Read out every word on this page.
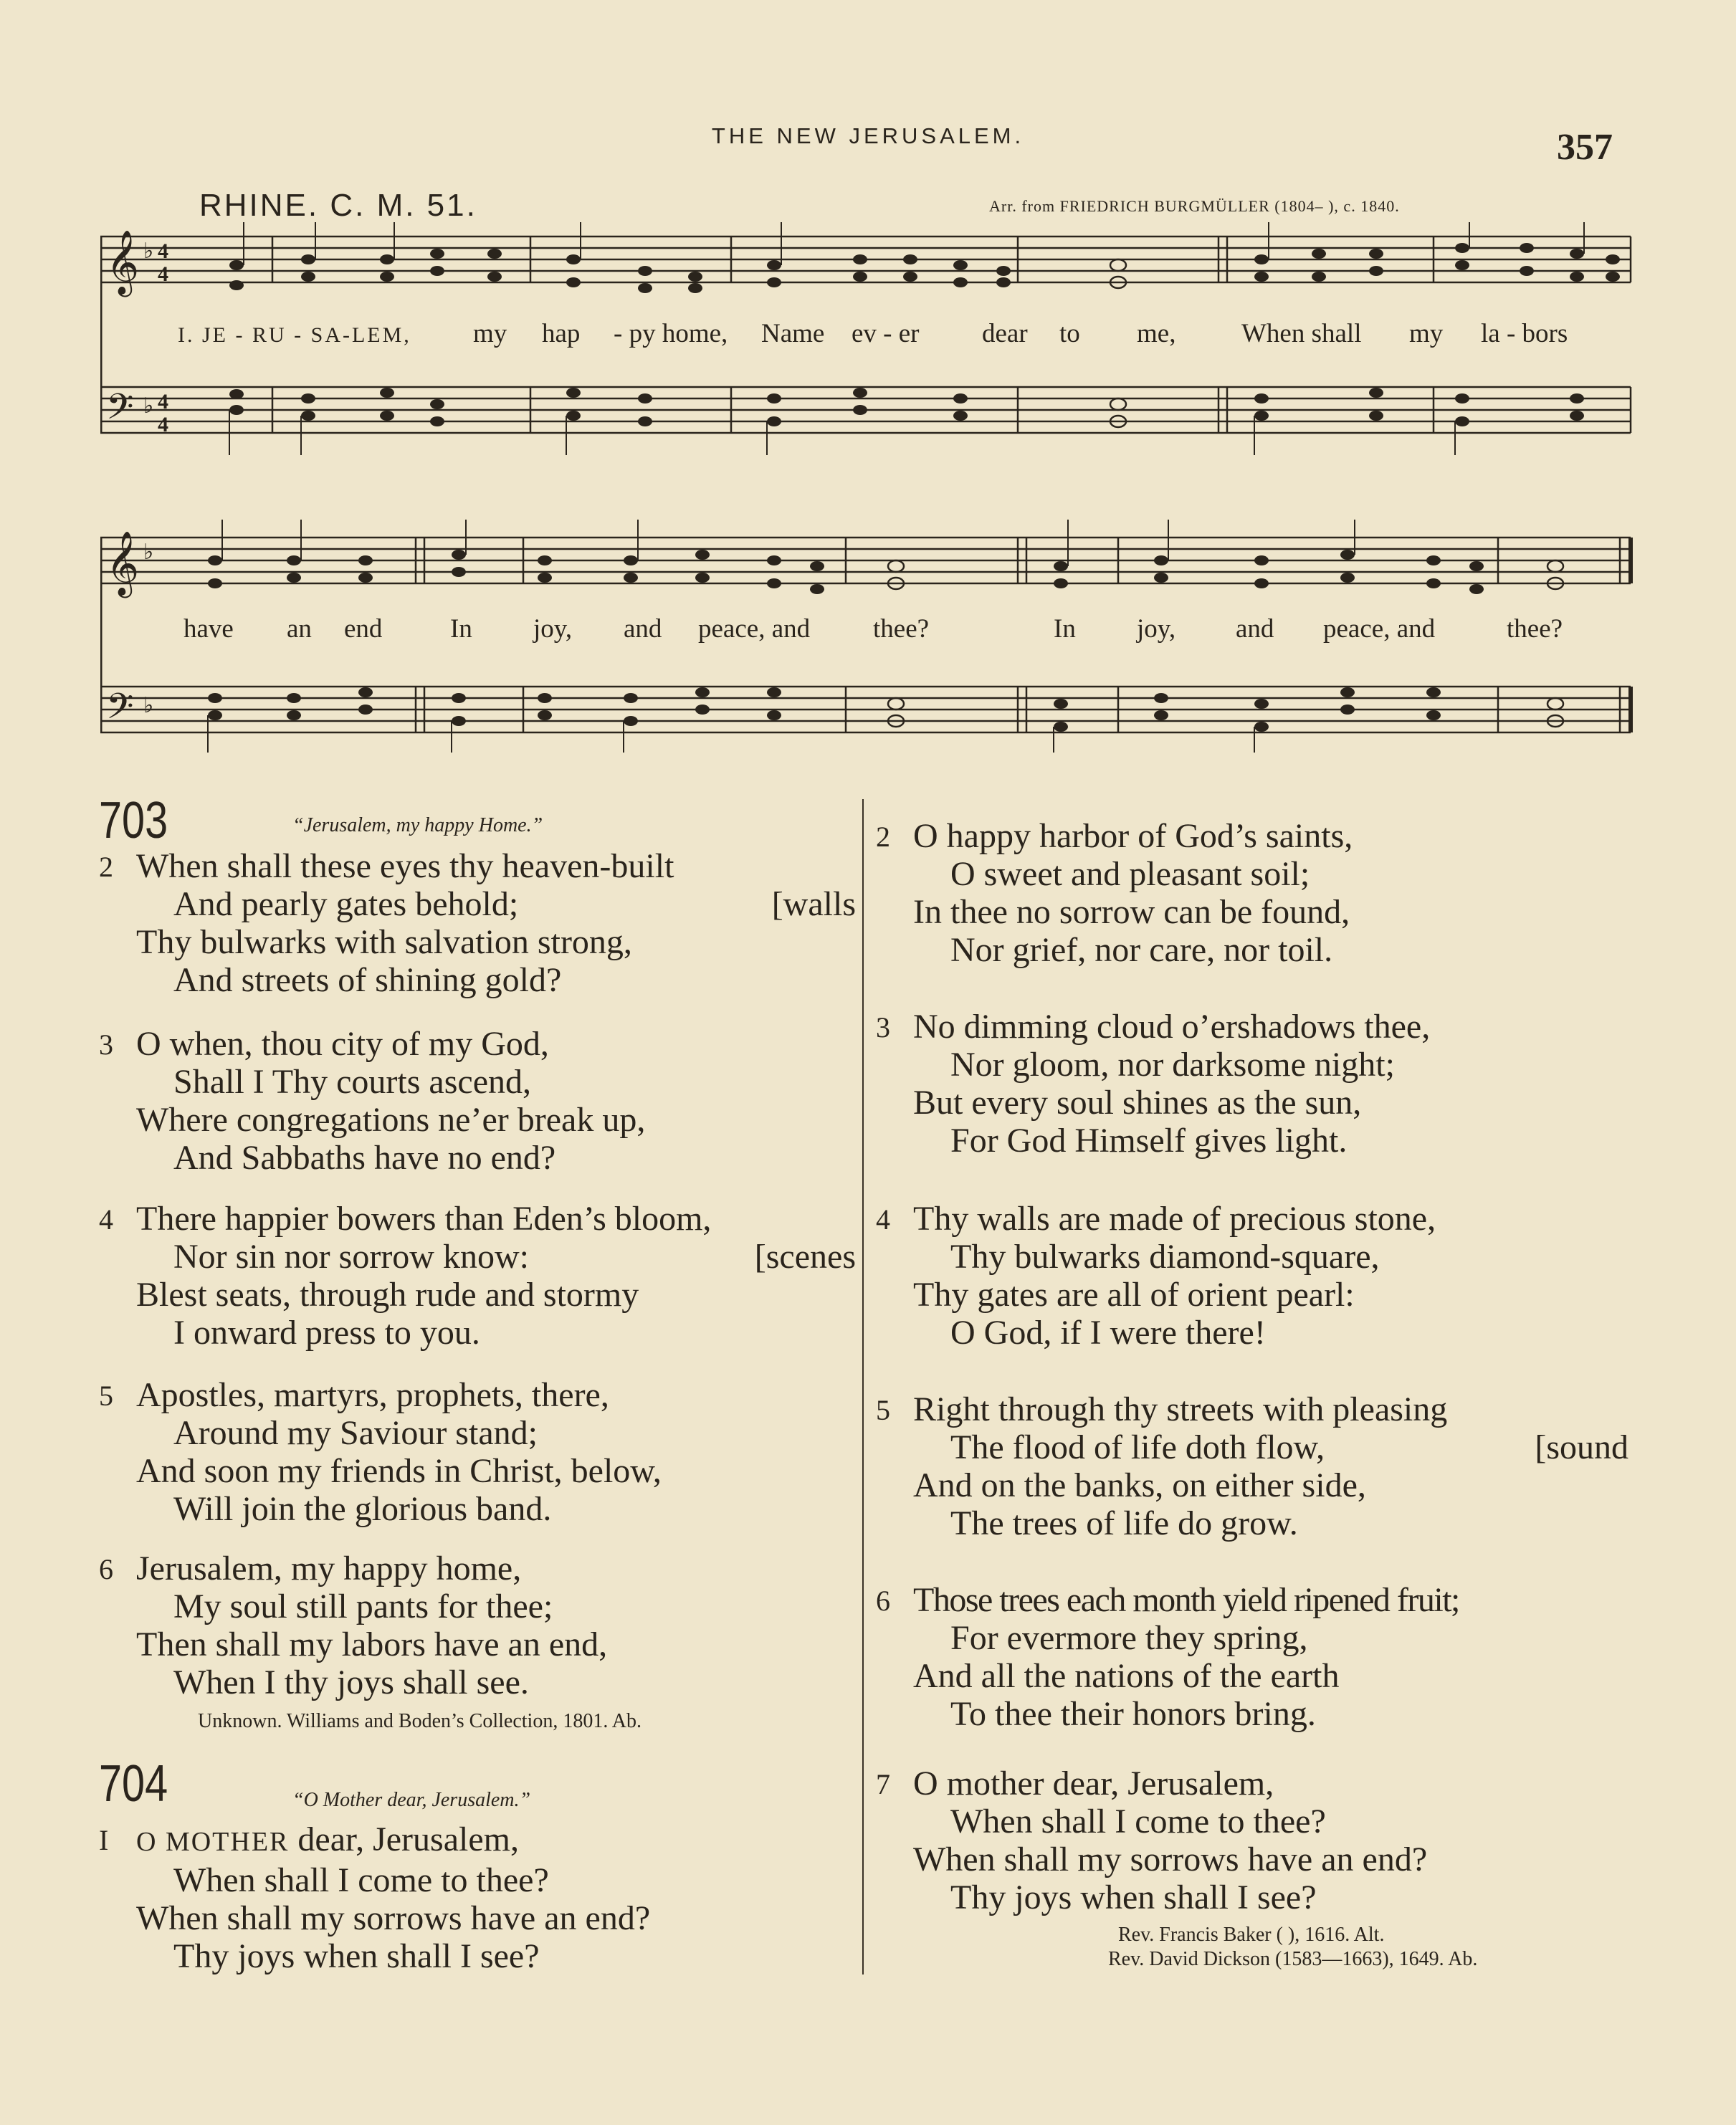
THE NEW JERUSALEM.	357
RHINE. C. M. 51.	Arr. from FRIEDRICH BURGMÜLLER (1804– ), c. 1840.
𝄞
𝄢
♭
♭
4
4
4
4
I. JE - RU - SA-LEM, my hap - py home, Name ev - er dear to me, When shall my la - bors
𝄞
𝄢
♭
♭
have an end	In joy, and peace, and thee?	In joy, and peace, and	thee?
703	“Jerusalem, my happy Home.”
2 When shall these eyes thy heaven-built
And pearly gates behold;	[walls
Thy bulwarks with salvation strong,
And streets of shining gold?
3 O when, thou city of my God,
Shall I Thy courts ascend,
Where congregations ne’er break up,
And Sabbaths have no end?
4 There happier bowers than Eden’s bloom,
Nor sin nor sorrow know:	[scenes
Blest seats, through rude and stormy
I onward press to you.
5 Apostles, martyrs, prophets, there,
Around my Saviour stand;
And soon my friends in Christ, below,
Will join the glorious band.
6 Jerusalem, my happy home,
My soul still pants for thee;
Then shall my labors have an end,
When I thy joys shall see.
Unknown. Williams and Boden’s Collection, 1801. Ab.
704	“O Mother dear, Jerusalem.”
I O MOTHER dear, Jerusalem,
When shall I come to thee?
When shall my sorrows have an end?
Thy joys when shall I see?
2 O happy harbor of God’s saints,
O sweet and pleasant soil;
In thee no sorrow can be found,
Nor grief, nor care, nor toil.
3 No dimming cloud o’ershadows thee,
Nor gloom, nor darksome night;
But every soul shines as the sun,
For God Himself gives light.
4 Thy walls are made of precious stone,
Thy bulwarks diamond-square,
Thy gates are all of orient pearl:
O God, if I were there!
5 Right through thy streets with pleasing
The flood of life doth flow,	[sound
And on the banks, on either side,
The trees of life do grow.
6 Those trees each month yield ripened fruit;
For evermore they spring,
And all the nations of the earth
To thee their honors bring.
7 O mother dear, Jerusalem,
When shall I come to thee?
When shall my sorrows have an end?
Thy joys when shall I see?
Rev. Francis Baker ( ), 1616. Alt.
Rev. David Dickson (1583—1663), 1649. Ab.
